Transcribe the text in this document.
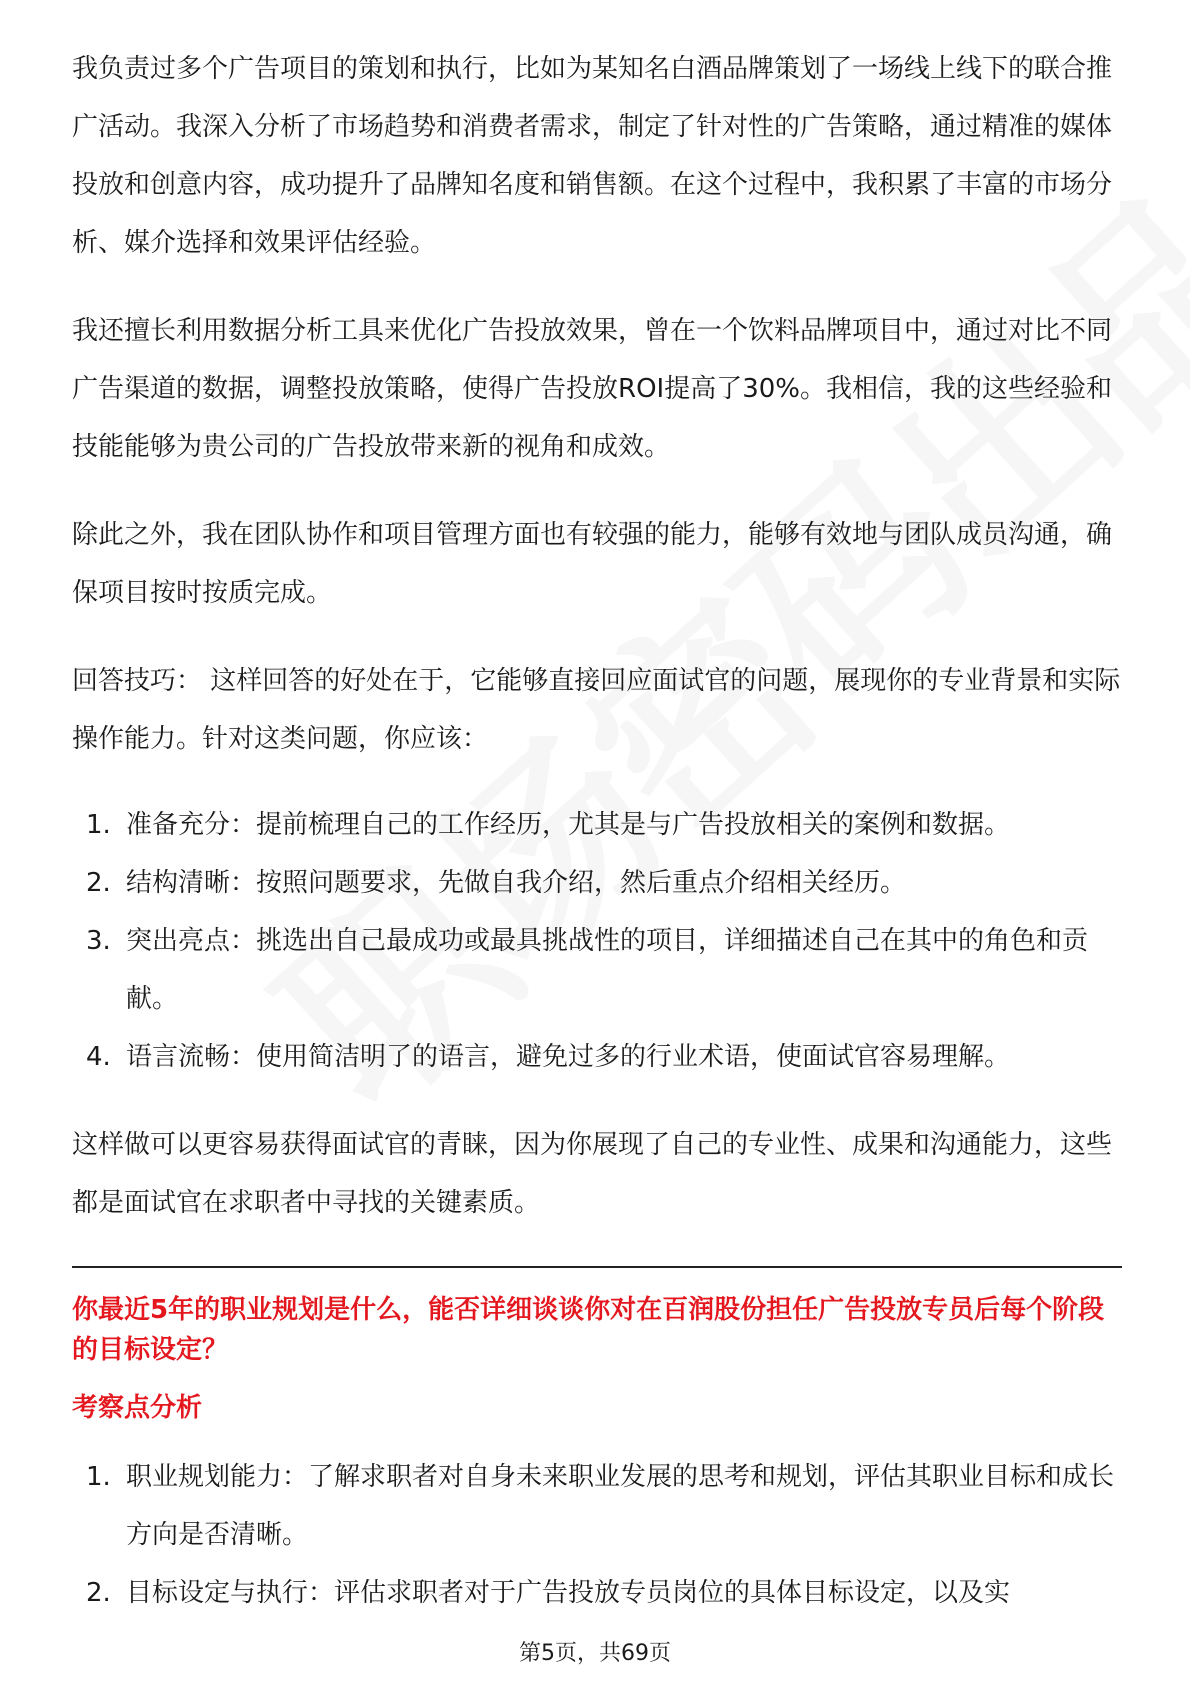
我负责过多个广告项目的策划和执行，比如为某知名白酒品牌策划了一场线上线下的联合推广活动。我深入分析了市场趋势和消费者需求，制定了针对性的广告策略，通过精准的媒体投放和创意内容，成功提升了品牌知名度和销售额。在这个过程中，我积累了丰富的市场分析、媒介选择和效果评估经验。

我还擅长利用数据分析工具来优化广告投放效果，曾在一个饮料品牌项目中，通过对比不同广告渠道的数据，调整投放策略，使得广告投放ROI提高了30%。我相信，我的这些经验和技能能够为贵公司的广告投放带来新的视角和成效。

除此之外，我在团队协作和项目管理方面也有较强的能力，能够有效地与团队成员沟通，确保项目按时按质完成。

回答技巧： 这样回答的好处在于，它能够直接回应面试官的问题，展现你的专业背景和实际操作能力。针对这类问题，你应该：

1. 准备充分：提前梳理自己的工作经历，尤其是与广告投放相关的案例和数据。
2. 结构清晰：按照问题要求，先做自我介绍，然后重点介绍相关经历。
3. 突出亮点：挑选出自己最成功或最具挑战性的项目，详细描述自己在其中的角色和贡献。
4. 语言流畅：使用简洁明了的语言，避免过多的行业术语，使面试官容易理解。

这样做可以更容易获得面试官的青睐，因为你展现了自己的专业性、成果和沟通能力，这些都是面试官在求职者中寻找的关键素质。

你最近5年的职业规划是什么，能否详细谈谈你对在百润股份担任广告投放专员后每个阶段的目标设定？

考察点分析

1. 职业规划能力：了解求职者对自身未来职业发展的思考和规划，评估其职业目标和成长方向是否清晰。
2. 目标设定与执行：评估求职者对于广告投放专员岗位的具体目标设定，以及实
第5页，共69页
